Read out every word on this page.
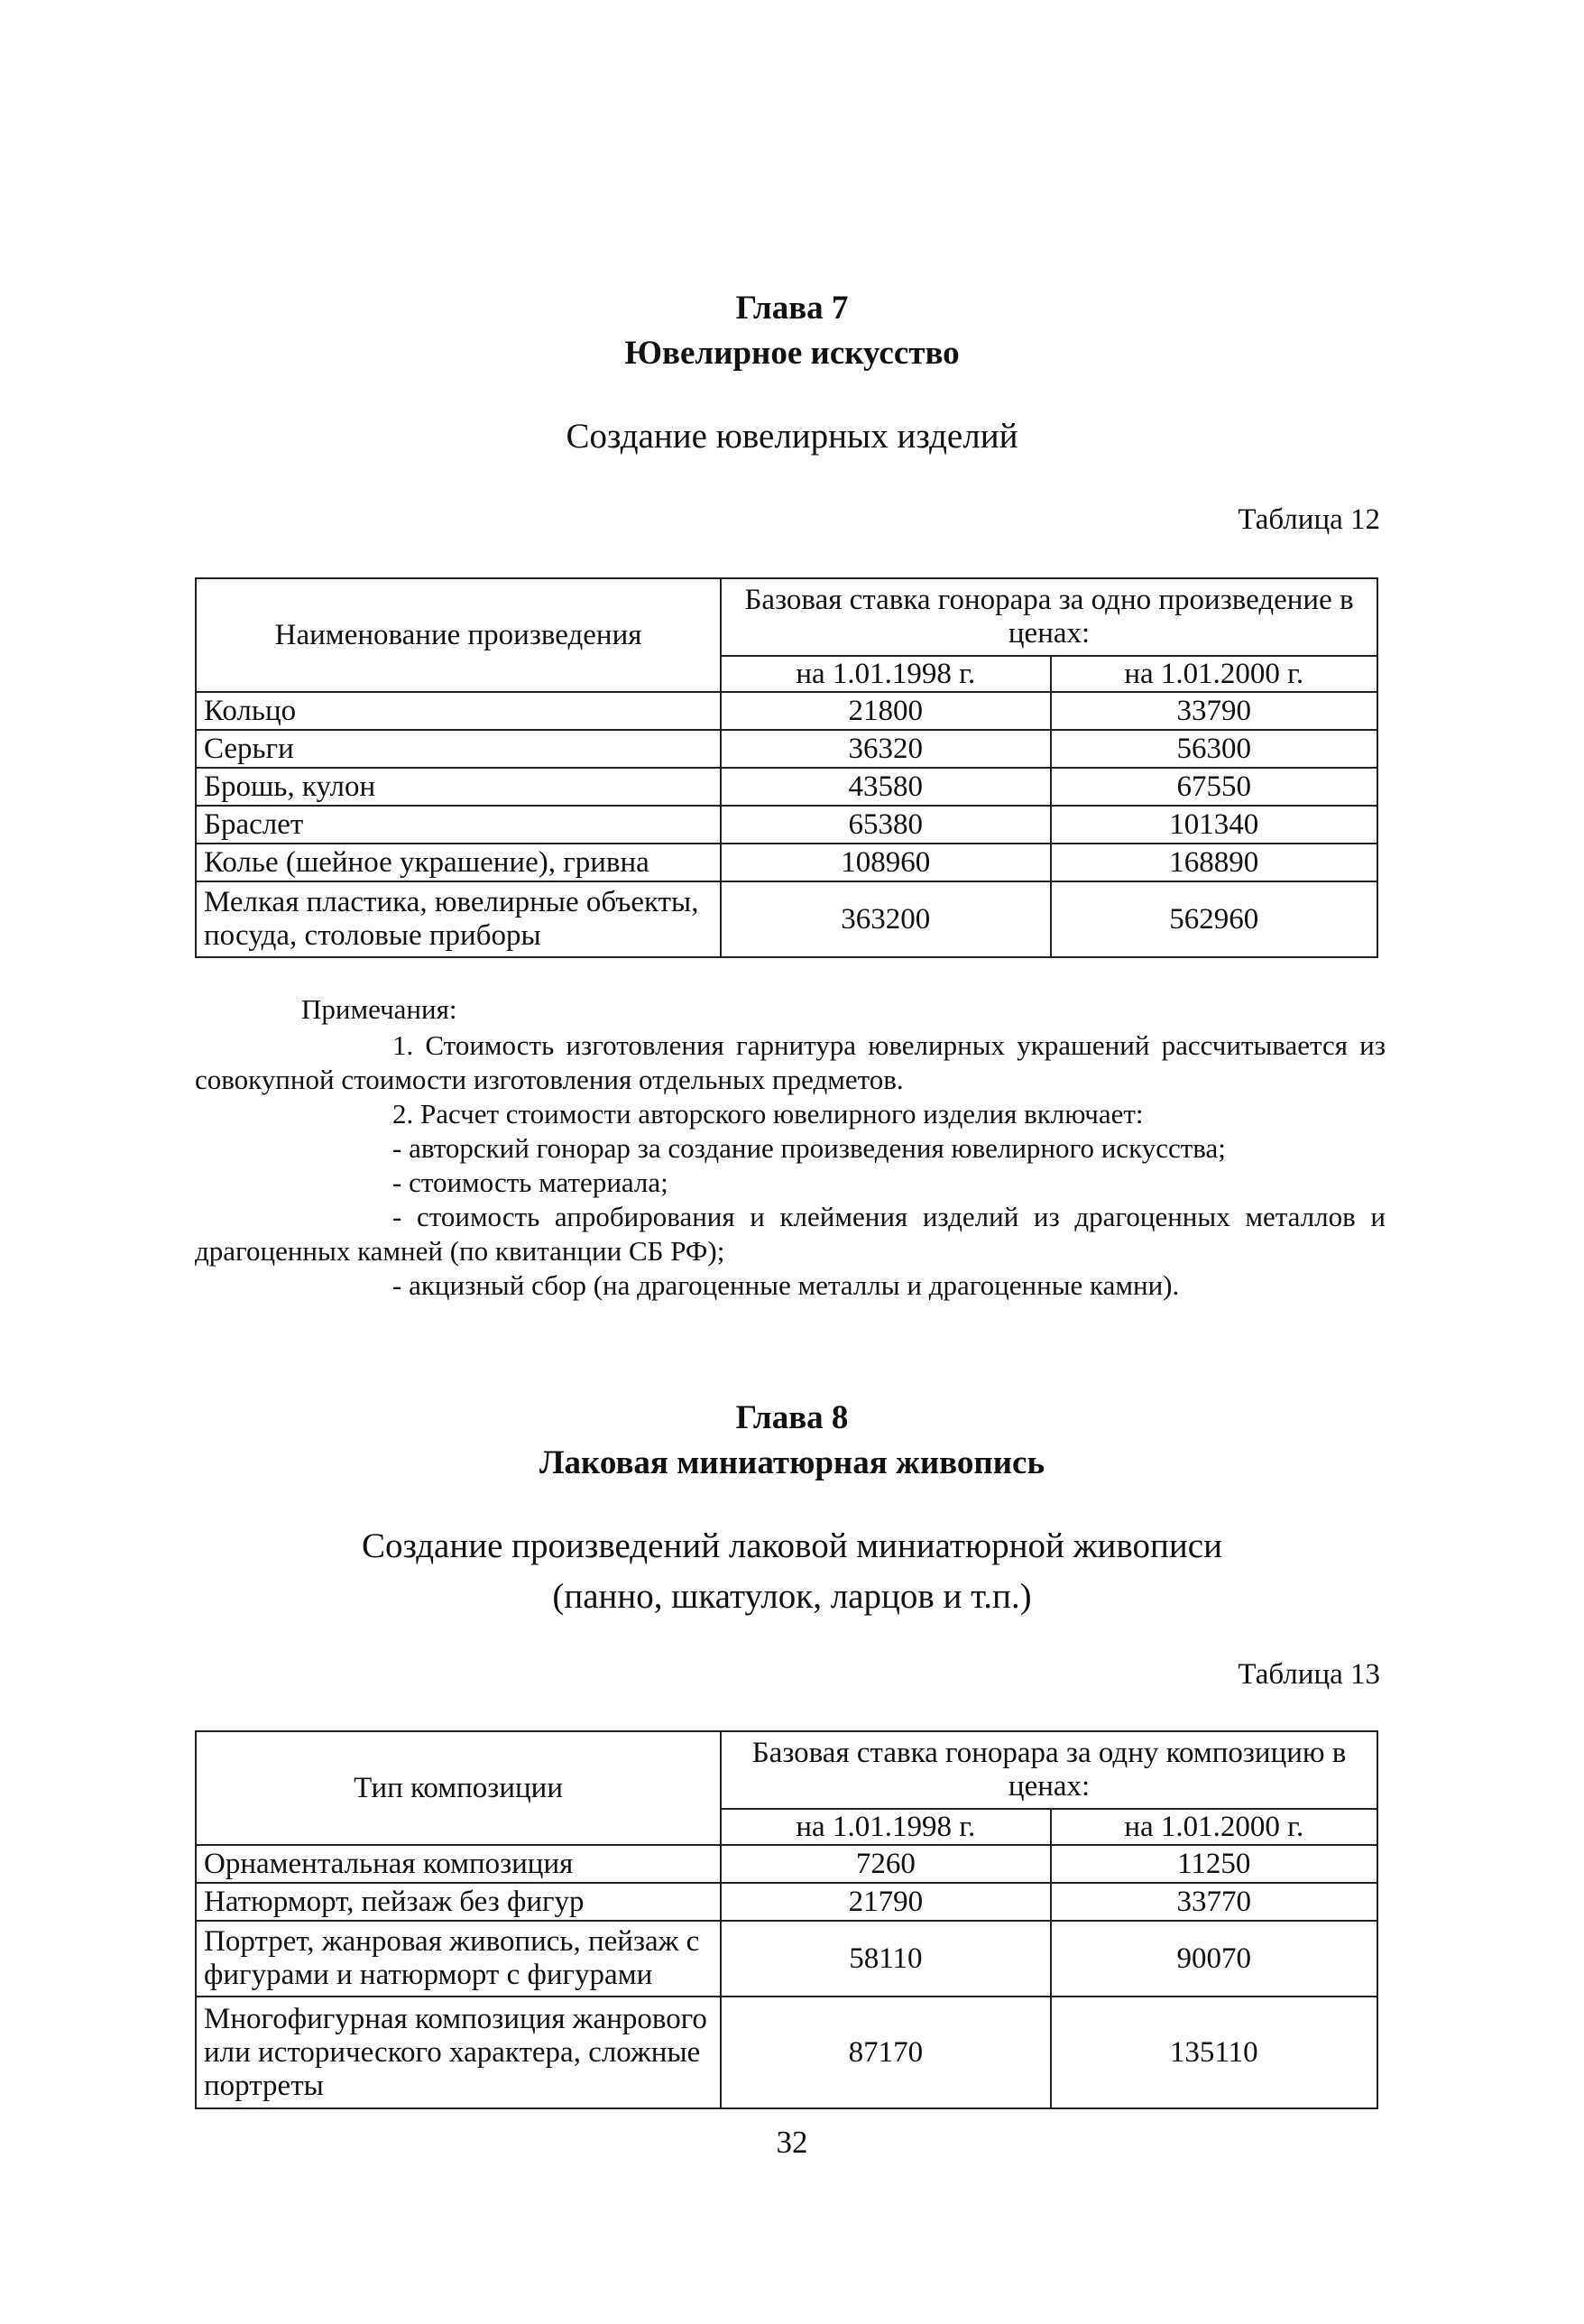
Глава 7
Ювелирное искусство
Создание ювелирных изделий
Таблица 12
Наименование произведения	Базовая ставка гонорара за одно произведение в ценах:	
	на 1.01.1998 г.	на 1.01.2000 г.
Кольцо	21800	33790
Серьги	36320	56300
Брошь, кулон	43580	67550
Браслет	65380	101340
Колье (шейное украшение), гривна	108960	168890
Мелкая пластика, ювелирные объекты, посуда, столовые приборы	363200	562960

Примечания:

1. Стоимость изготовления гарнитура ювелирных украшений рассчитывается из совокупной стоимости изготовления отдельных предметов.

2. Расчет стоимости авторского ювелирного изделия включает:

- авторский гонорар за создание произведения ювелирного искусства;

- стоимость материала;

- стоимость апробирования и клеймения изделий из драгоценных металлов и драгоценных камней (по квитанции СБ РФ);

- акцизный сбор (на драгоценные металлы и драгоценные камни).

Глава 8
Лаковая миниатюрная живопись
Создание произведений лаковой миниатюрной живописи
(панно, шкатулок, ларцов и т.п.)
Таблица 13
Тип композиции	Базовая ставка гонорара за одну композицию в ценах:	
	на 1.01.1998 г.	на 1.01.2000 г.
Орнаментальная композиция	7260	11250
Натюрморт, пейзаж без фигур	21790	33770
Портрет, жанровая живопись, пейзаж с фигурами и натюрморт с фигурами	58110	90070
Многофигурная композиция жанрового или исторического характера, сложные портреты	87170	135110
32
